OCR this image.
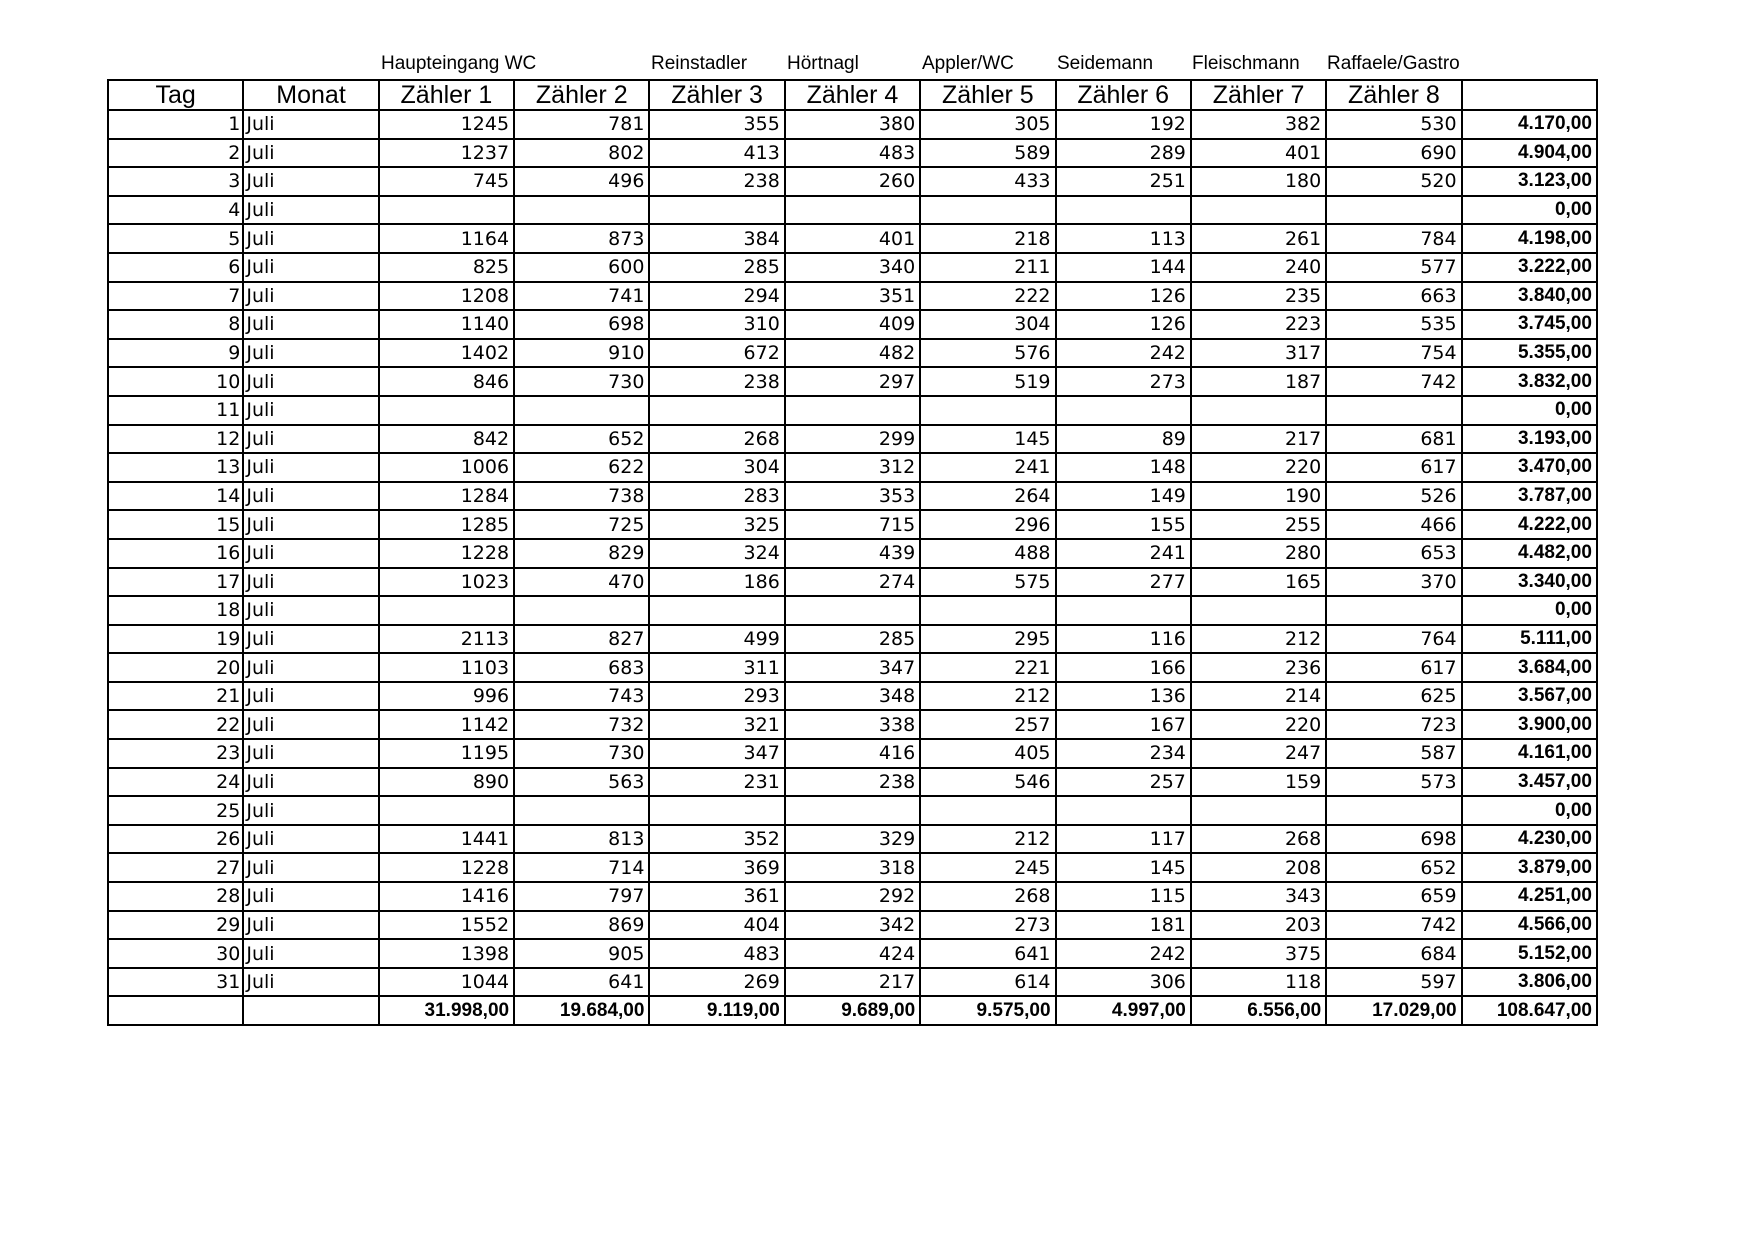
Haupteingang WC	Reinstadler Hörtnagl	Appler/WC Seidemann Fleischmann Raffaele/Gastro
Tag	Monat	Zähler 1	Zähler 2	Zähler 3	Zähler 4	Zähler 5	Zähler 6	Zähler 7	Zähler 8	
1	Juli	1245	781	355	380	305	192	382	530	4.170,00
2	Juli	1237	802	413	483	589	289	401	690	4.904,00
3	Juli	745	496	238	260	433	251	180	520	3.123,00
4	Juli									0,00
5	Juli	1164	873	384	401	218	113	261	784	4.198,00
6	Juli	825	600	285	340	211	144	240	577	3.222,00
7	Juli	1208	741	294	351	222	126	235	663	3.840,00
8	Juli	1140	698	310	409	304	126	223	535	3.745,00
9	Juli	1402	910	672	482	576	242	317	754	5.355,00
10	Juli	846	730	238	297	519	273	187	742	3.832,00
11	Juli									0,00
12	Juli	842	652	268	299	145	89	217	681	3.193,00
13	Juli	1006	622	304	312	241	148	220	617	3.470,00
14	Juli	1284	738	283	353	264	149	190	526	3.787,00
15	Juli	1285	725	325	715	296	155	255	466	4.222,00
16	Juli	1228	829	324	439	488	241	280	653	4.482,00
17	Juli	1023	470	186	274	575	277	165	370	3.340,00
18	Juli									0,00
19	Juli	2113	827	499	285	295	116	212	764	5.111,00
20	Juli	1103	683	311	347	221	166	236	617	3.684,00
21	Juli	996	743	293	348	212	136	214	625	3.567,00
22	Juli	1142	732	321	338	257	167	220	723	3.900,00
23	Juli	1195	730	347	416	405	234	247	587	4.161,00
24	Juli	890	563	231	238	546	257	159	573	3.457,00
25	Juli									0,00
26	Juli	1441	813	352	329	212	117	268	698	4.230,00
27	Juli	1228	714	369	318	245	145	208	652	3.879,00
28	Juli	1416	797	361	292	268	115	343	659	4.251,00
29	Juli	1552	869	404	342	273	181	203	742	4.566,00
30	Juli	1398	905	483	424	641	242	375	684	5.152,00
31	Juli	1044	641	269	217	614	306	118	597	3.806,00
		31.998,00	19.684,00	9.119,00	9.689,00	9.575,00	4.997,00	6.556,00	17.029,00	108.647,00
